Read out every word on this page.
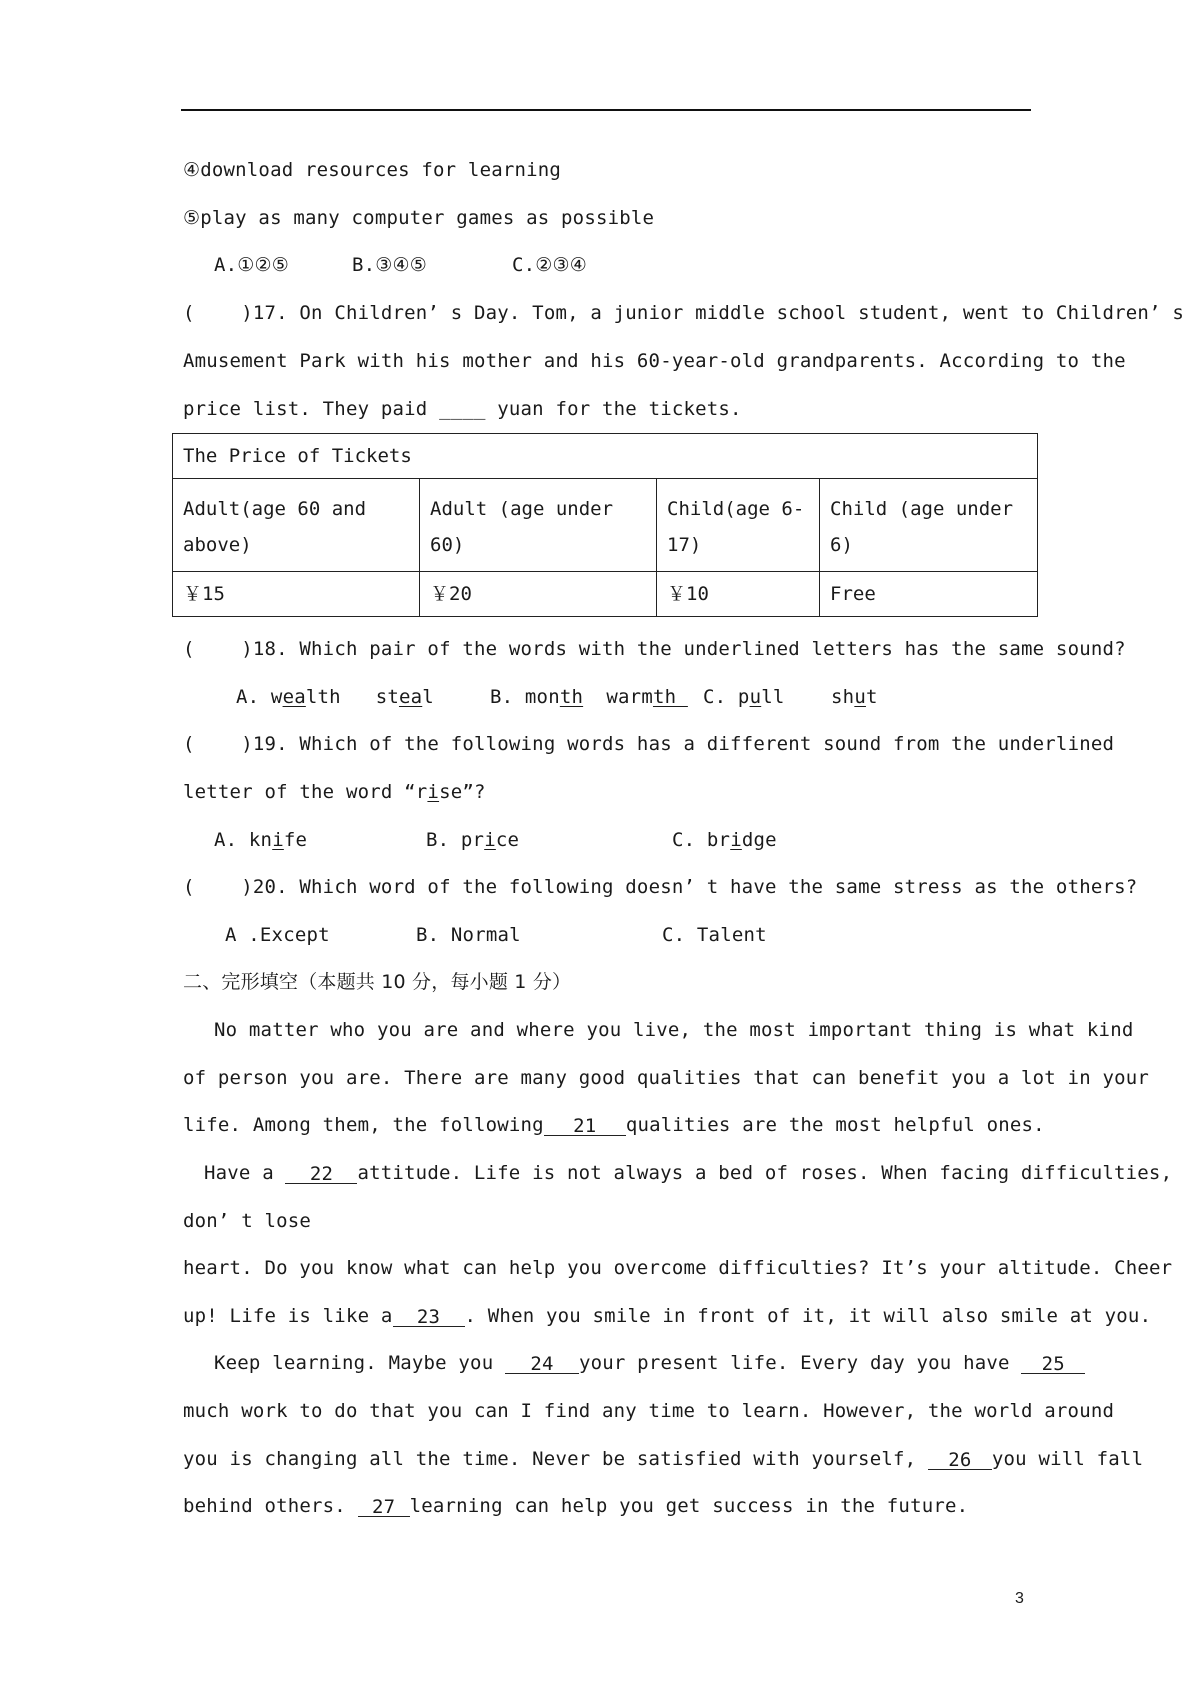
④download resources for learning
⑤play as many computer games as possible
A.①②⑤	B.③④⑤	C.②③④
(    )17. On Children’ s Day. Tom, a junior middle school student, went to Children’ s
Amusement Park with his mother and his 60-year-old grandparents. According to the
price list. They paid ____ yuan for the tickets.
The Price of Tickets			
Adult(age 60 and above)	Adult (age under 60)	Child(age 6-17)	Child (age under 6)
￥15	￥20	￥10	Free
(    )18. Which pair of the words with the underlined letters has the same sound?
A. wealth steal	B. month warmth C. pull shut
(    )19. Which of the following words has a different sound from the underlined
letter of the word “rise”?
A. knife	B. price	C. bridge
(    )20. Which word of the following doesn’ t have the same stress as the others?
A .Except	B. Normal	C. Talent
二、完形填空（本题共 10 分，每小题 1 分）
No matter who you are and where you live, the most important thing is what kind
of person you are. There are many good qualities that can benefit you a lot in your
life. Among them, the following 21 qualities are the most helpful ones.
Have a 22 attitude. Life is not always a bed of roses. When facing difficulties,
don’ t lose
heart. Do you know what can help you overcome difficulties? It’s your altitude. Cheer
up! Life is like a 23 . When you smile in front of it, it will also smile at you.
Keep learning. Maybe you 24 your present life. Every day you have 25
much work to do that you can I find any time to learn. However, the world around
you is changing all the time. Never be satisfied with yourself, 26 you will fall
behind others. 27 learning can help you get success in the future.
3
